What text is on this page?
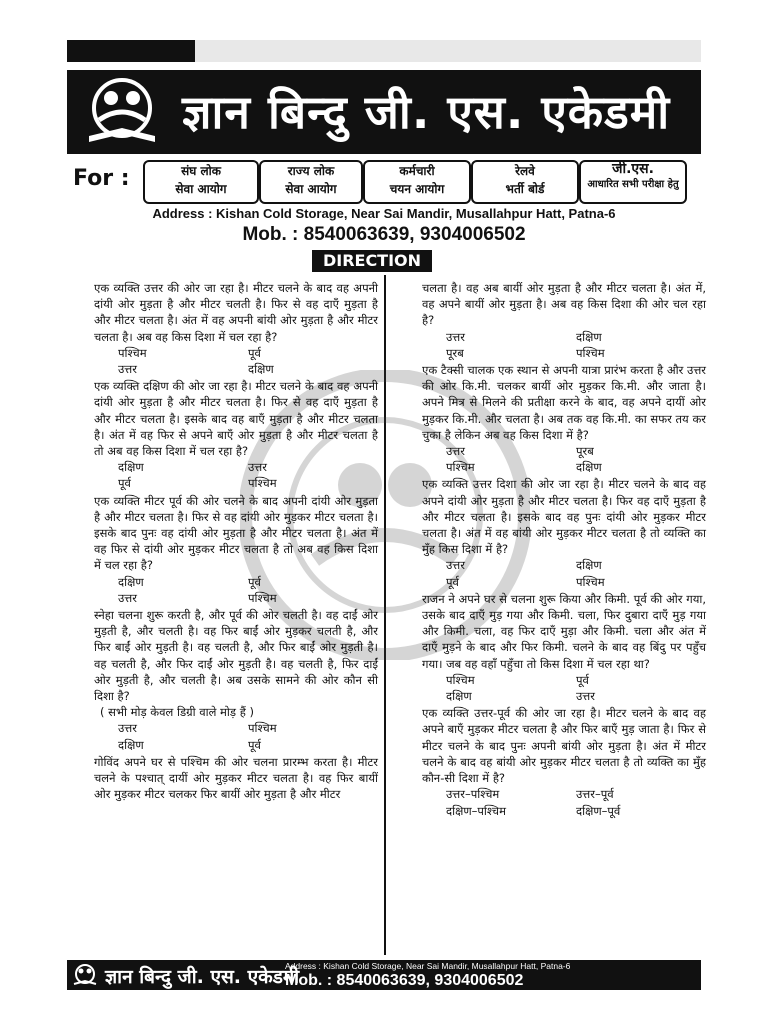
ज्ञान बिन्दु जी. एस. एकेडमी
For :	संघ लोक
सेवा आयोग
राज्य लोक
सेवा आयोग
कर्मचारी
चयन आयोग
रेलवे
भर्ती बोर्ड
जी.एस.
आधारित सभी परीक्षा हेतु
Address : Kishan Cold Storage, Near Sai Mandir, Musallahpur Hatt, Patna-6
Mob. : 8540063639, 9304006502
DIRECTION

एक व्यक्ति उत्तर की ओर जा रहा है। मीटर चलने के बाद वह अपनी दांयी ओर मुड़ता है और मीटर चलती है। फिर से वह दाएँ मुड़ता है और मीटर चलता है। अंत में वह अपनी बांयी ओर मुड़ता है और मीटर चलता है। अब वह किस दिशा में चल रहा है?

पश्चिम	पूर्व
उत्तर	दक्षिण

एक व्यक्ति दक्षिण की ओर जा रहा है। मीटर चलने के बाद वह अपनी दांयी ओर मुड़ता है और मीटर चलता है। फिर से वह दाएँ मुड़ता है और मीटर चलता है। इसके बाद वह बाएँ मुड़ता है और मीटर चलता है। अंत में वह फिर से अपने बाएँ ओर मुड़ता है और मीटर चलता है तो अब वह किस दिशा में चल रहा है?

दक्षिण	उत्तर
पूर्व	पश्चिम

एक व्यक्ति मीटर पूर्व की ओर चलने के बाद अपनी दांयी ओर मुड़ता है और मीटर चलता है। फिर से वह दांयी ओर मुड़कर मीटर चलता है। इसके बाद पुनः वह दांयी ओर मुड़ता है और मीटर चलता है। अंत में वह फिर से दांयी ओर मुड़कर मीटर चलता है तो अब वह किस दिशा में चल रहा है?

दक्षिण	पूर्व
उत्तर	पश्चिम

स्नेहा चलना शुरू करती है, और पूर्व की ओर चलती है। वह दाईं ओर मुड़ती है, और चलती है। वह फिर बाईं ओर मुड़कर चलती है, और फिर बाईं ओर मुड़ती है। वह चलती है, और फिर बाईं ओर मुड़ती है। वह चलती है, और फिर दाईं ओर मुड़ती है। वह चलती है, फिर दाईं ओर मुड़ती है, और चलती है। अब उसके सामने की ओर कौन सी दिशा है?

( सभी मोड़ केवल डिग्री वाले मोड़ हैं )

उत्तर	पश्चिम
दक्षिण	पूर्व

गोविंद अपने घर से पश्चिम की ओर चलना प्रारम्भ करता है। मीटर चलने के पश्चात् दायीं ओर मुड़कर मीटर चलता है। वह फिर बायीं ओर मुड़कर मीटर चलकर फिर बायीं ओर मुड़ता है और मीटर

चलता है। वह अब बायीं ओर मुड़ता है और मीटर चलता है। अंत में, वह अपने बायीं ओर मुड़ता है। अब वह किस दिशा की ओर चल रहा है?

उत्तर	दक्षिण
पूरब	पश्चिम

एक टैक्सी चालक एक स्थान से अपनी यात्रा प्रारंभ करता है और उत्तर की ओर कि.मी. चलकर बायीं ओर मुड़कर कि.मी. और जाता है। अपने मित्र से मिलने की प्रतीक्षा करने के बाद, वह अपने दायीं ओर मुड़कर कि.मी. और चलता है। अब तक वह कि.मी. का सफर तय कर चुका है लेकिन अब वह किस दिशा में है?

उत्तर	पूरब
पश्चिम	दक्षिण

एक व्यक्ति उत्तर दिशा की ओर जा रहा है। मीटर चलने के बाद वह अपने दांयी ओर मुड़ता है और मीटर चलता है। फिर वह दाएँ मुड़ता है और मीटर चलता है। इसके बाद वह पुनः दांयी ओर मुड़कर मीटर चलता है। अंत में वह बांयी ओर मुड़कर मीटर चलता है तो व्यक्ति का मुँह किस दिशा में है?

उत्तर	दक्षिण
पूर्व	पश्चिम

राजन ने अपने घर से चलना शुरू किया और किमी. पूर्व की ओर गया, उसके बाद दाएँ मुड़ गया और किमी. चला, फिर दुबारा दाएँ मुड़ गया और किमी. चला, वह फिर दाएँ मुड़ा और किमी. चला और अंत में दाएँ मुड़ने के बाद और फिर किमी. चलने के बाद वह बिंदु पर पहुँच गया। जब वह वहाँ पहुँचा तो किस दिशा में चल रहा था?

पश्चिम	पूर्व
दक्षिण	उत्तर

एक व्यक्ति उत्तर-पूर्व की ओर जा रहा है। मीटर चलने के बाद वह अपने बाएँ मुड़कर मीटर चलता है और फिर बाएँ मुड़ जाता है। फिर से मीटर चलने के बाद पुनः अपनी बांयी ओर मुड़ता है। अंत में मीटर चलने के बाद वह बांयी ओर मुड़कर मीटर चलता है तो व्यक्ति का मुँह कौन-सी दिशा में है?

उत्तर–पश्चिम	उत्तर–पूर्व
दक्षिण–पश्चिम	दक्षिण–पूर्व
ज्ञान बिन्दु जी. एस. एकेडमी
Address : Kishan Cold Storage, Near Sai Mandir, Musallahpur Hatt, Patna-6
Mob. : 8540063639, 9304006502
